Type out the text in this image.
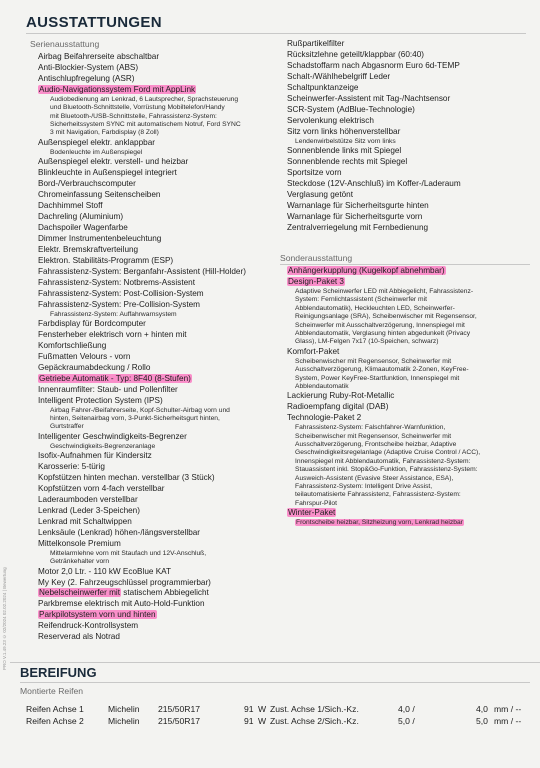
AUSSTATTUNGEN
Serienausstattung
Airbag Beifahrerseite abschaltbar
Anti-Blockier-System (ABS)
Antischlupfregelung (ASR)
Audio-Navigationssystem Ford mit AppLink
Audiobedienung am Lenkrad, 6 Lautsprecher, Sprachsteuerung
und Bluetooth-Schnittstelle, Vorrüstung Mobiltelefon/Handy
mit Bluetooth-/USB-Schnittstelle, Fahrassistenz-System:
Sicherheitssystem SYNC mit automatischem Notruf, Ford SYNC
3 mit Navigation, Farbdisplay (8 Zoll)
Außenspiegel elektr. anklappbar
Bodenleuchte im Außenspiegel
Außenspiegel elektr. verstell- und heizbar
Blinkleuchte in Außenspiegel integriert
Bord-/Verbrauchscomputer
Chromeinfassung Seitenscheiben
Dachhimmel Stoff
Dachreling (Aluminium)
Dachspoiler Wagenfarbe
Dimmer Instrumentenbeleuchtung
Elektr. Bremskraftverteilung
Elektron. Stabilitäts-Programm (ESP)
Fahrassistenz-System: Berganfahr-Assistent (Hill-Holder)
Fahrassistenz-System: Notbrems-Assistent
Fahrassistenz-System: Post-Collision-System
Fahrassistenz-System: Pre-Collision-System
Fahrassistenz-System: Auffahrwarnsystem
Farbdisplay für Bordcomputer
Fensterheber elektrisch vorn + hinten mit
Komfortschließung
Fußmatten Velours - vorn
Gepäckraumabdeckung / Rollo
Getriebe Automatik - Typ: 8F40 (8-Stufen)
Innenraumfilter: Staub- und Pollenfilter
Intelligent Protection System (IPS)
Airbag Fahrer-/Beifahrerseite, Kopf-Schulter-Airbag vorn und
hinten, Seitenairbag vorn, 3-Punkt-Sicherheitsgurt hinten,
Gurtstraffer
Intelligenter Geschwindigkeits-Begrenzer
Geschwindigkeits-Begrenzeranlage
Isofix-Aufnahmen für Kindersitz
Karosserie: 5-türig
Kopfstützen hinten mechan. verstellbar (3 Stück)
Kopfstützen vorn 4-fach verstellbar
Laderaumboden verstellbar
Lenkrad (Leder 3-Speichen)
Lenkrad mit Schaltwippen
Lenksäule (Lenkrad) höhen-/längsverstellbar
Mittelkonsole Premium
Mittelarmlehne vorn mit Staufach und 12V-Anschluß,
Getränkehalter vorn
Motor 2,0 Ltr. - 110 kW EcoBlue KAT
My Key (2. Fahrzeugschlüssel programmierbar)
Nebelscheinwerfer mit statischem Abbiegelicht
Parkbremse elektrisch mit Auto-Hold-Funktion
Parkpilotsystem vorn und hinten
Reifendruck-Kontrollsystem
Reserverad als Notrad
Rußpartikelfilter
Rücksitzlehne geteilt/klappbar (60:40)
Schadstoffarm nach Abgasnorm Euro 6d-TEMP
Schalt-/Wählhebelgriff Leder
Schaltpunktanzeige
Scheinwerfer-Assistent mit Tag-/Nachtsensor
SCR-System (AdBlue-Technologie)
Servolenkung elektrisch
Sitz vorn links höhenverstellbar
Lendenwirbelstütze Sitz vorn links
Sonnenblende links mit Spiegel
Sonnenblende rechts mit Spiegel
Sportsitze vorn
Steckdose (12V-Anschluß) im Koffer-/Laderaum
Verglasung getönt
Warnanlage für Sicherheitsgurte hinten
Warnanlage für Sicherheitsgurte vorn
Zentralverriegelung mit Fernbedienung
Sonderausstattung
Anhängerkupplung (Kugelkopf abnehmbar)
Design-Paket 3
Adaptive Scheinwerfer LED mit Abbiegelicht, Fahrassistenz-
System: Fernlichtassistent (Scheinwerfer mit
Abblendautomatik), Heckleuchten LED, Scheinwerfer-
Reinigungsanlage (SRA), Scheibenwischer mit Regensensor,
Scheinwerfer mit Ausschaltverzögerung, Innenspiegel mit
Abblendautomatik, Verglasung hinten abgedunkelt (Privacy
Glass), LM-Felgen 7x17 (10-Speichen, schwarz)
Komfort-Paket
Scheibenwischer mit Regensensor, Scheinwerfer mit
Ausschaltverzögerung, Klimaautomatik 2-Zonen, KeyFree-
System, Power KeyFree-Startfunktion, Innenspiegel mit
Abblendautomatik
Lackierung Ruby-Rot-Metallic
Radioempfang digital (DAB)
Technologie-Paket 2
Fahrassistenz-System: Falschfahrer-Warnfunktion,
Scheibenwischer mit Regensensor, Scheinwerfer mit
Ausschaltverzögerung, Frontscheibe heizbar, Adaptive
Geschwindigkeitsregelanlage (Adaptive Cruise Control / ACC),
Innenspiegel mit Abblendautomatik, Fahrassistenz-System:
Stauassistent inkl. Stop&Go-Funktion, Fahrassistenz-System:
Ausweich-Assistent (Evasive Steer Assistance, ESA),
Fahrassistenz-System: Intelligent Drive Assist,
teilautomatisierte Fahrassistenz, Fahrassistenz-System:
Fahrspur-Pilot
Winter-Paket
Frontscheibe heizbar, Sitzheizung vorn, Lenkrad heizbar
PRO V.1.49.23 © 02/2024 02.02.2024 | Bewertung
BEREIFUNG
Montierte Reifen
Reifen Achse 1	Michelin 215/50R17	91 W Zust. Achse 1/Sich.-Kz.	4,0 /	4,0 mm / --
Reifen Achse 2	Michelin 215/50R17	91 W Zust. Achse 2/Sich.-Kz.	5,0 /	5,0 mm / --
